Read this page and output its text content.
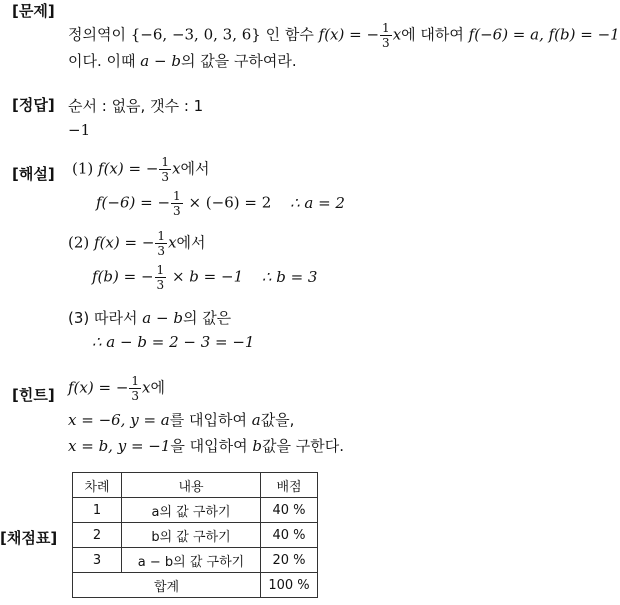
[문제]
정의역이 {−6, −3, 0, 3, 6} 인 함수 f(x) = − $\frac{1}{3}$ x에 대하여 f(−6) = a, f(b) = −1
이다. 이때 a − b의 값을 구하여라.
[정답] 순서 : 없음, 갯수 : 1
−1
[해설] (1) f(x) = − $\frac{1}{3}$ x에서
f(−6) = − $\frac{1}{3} \times (-6) = 2$ ∴ a = 2
(2) f(x) = − $\frac{1}{3}$ x에서
f(b) = − $\frac{1}{3} \times b = -1$ ∴ b = 3
(3) 따라서 a − b의 값은
∴ a − b = 2 − 3 = −1
[힌트] f(x) = − $\frac{1}{3}$ x에
x = −6, y = a를 대입하여 a값을,
x = b, y = −1을 대입하여 b값을 구한다.
[채점표]
차례	내용	배점
1	a의 값 구하기	40 %
2	b의 값 구하기	40 %
3	a − b의 값 구하기	20 %
합계		100 %
